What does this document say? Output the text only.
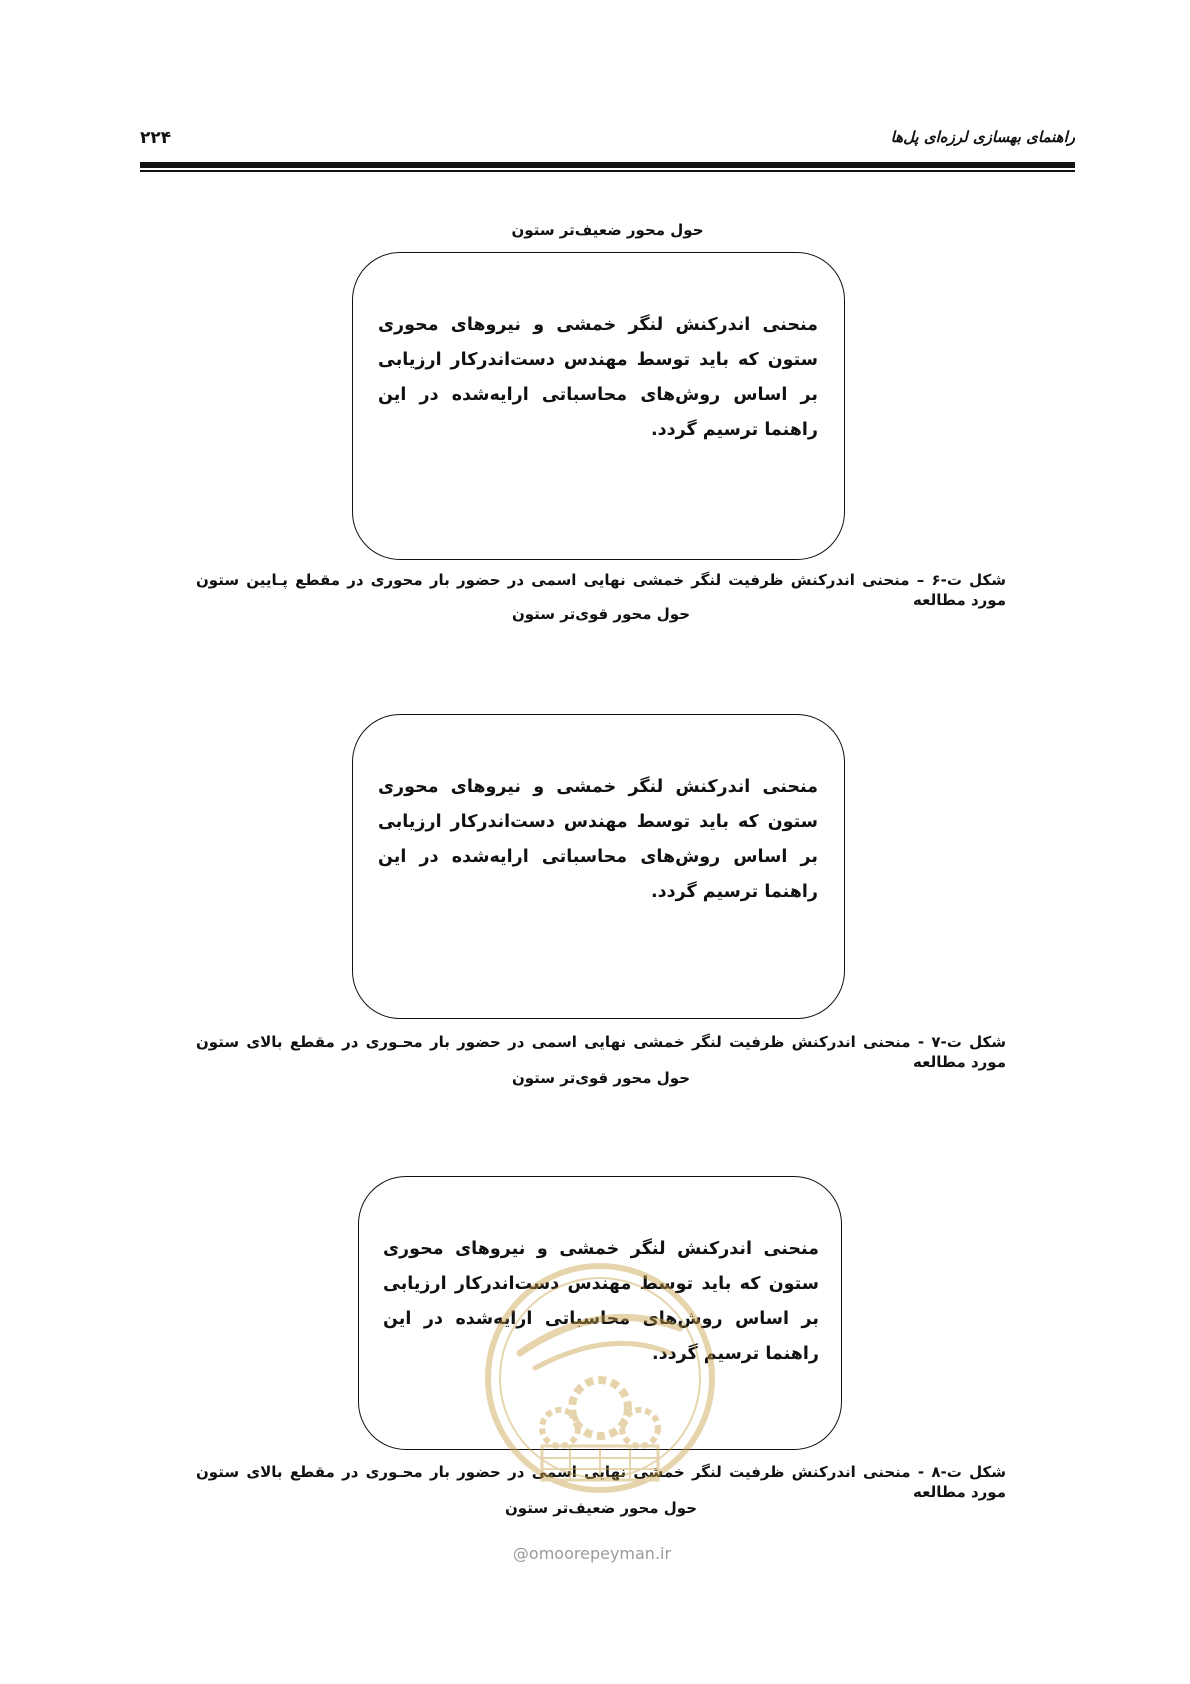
۲۲۴	راهنمای بهسازی لرزه‌ای پل‌ها
حول محور ضعیف‌تر ستون
منحنی اندرکنش لنگر خمشی و نیروهای محوری ستون که باید توسط مهندس دست‌اندرکار ارزیابی بر اساس روش‌های محاسباتی ارایه‌شده در این راهنما ترسیم گردد.
شکل ت-۶ – منحنی اندرکنش ظرفیت لنگر خمشی نهایی اسمی در حضور بار محوری در مقطع پـایین ستون مورد مطالعه
حول محور قوی‌تر ستون
منحنی اندرکنش لنگر خمشی و نیروهای محوری ستون که باید توسط مهندس دست‌اندرکار ارزیابی بر اساس روش‌های محاسباتی ارایه‌شده در این راهنما ترسیم گردد.
شکل ت-۷ - منحنی اندرکنش ظرفیت لنگر خمشی نهایی اسمی در حضور بار محـوری در مقطع بالای ستون مورد مطالعه
حول محور قوی‌تر ستون
منحنی اندرکنش لنگر خمشی و نیروهای محوری ستون که باید توسط مهندس دست‌اندرکار ارزیابی بر اساس روش‌های محاسباتی ارایه‌شده در این راهنما ترسیم گردد.
شکل ت-۸ - منحنی اندرکنش ظرفیت لنگر خمشی نهایی اسمی در حضور بار محـوری در مقطع بالای ستون مورد مطالعه
حول محور ضعیف‌تر ستون
@omoorepeyman.ir
